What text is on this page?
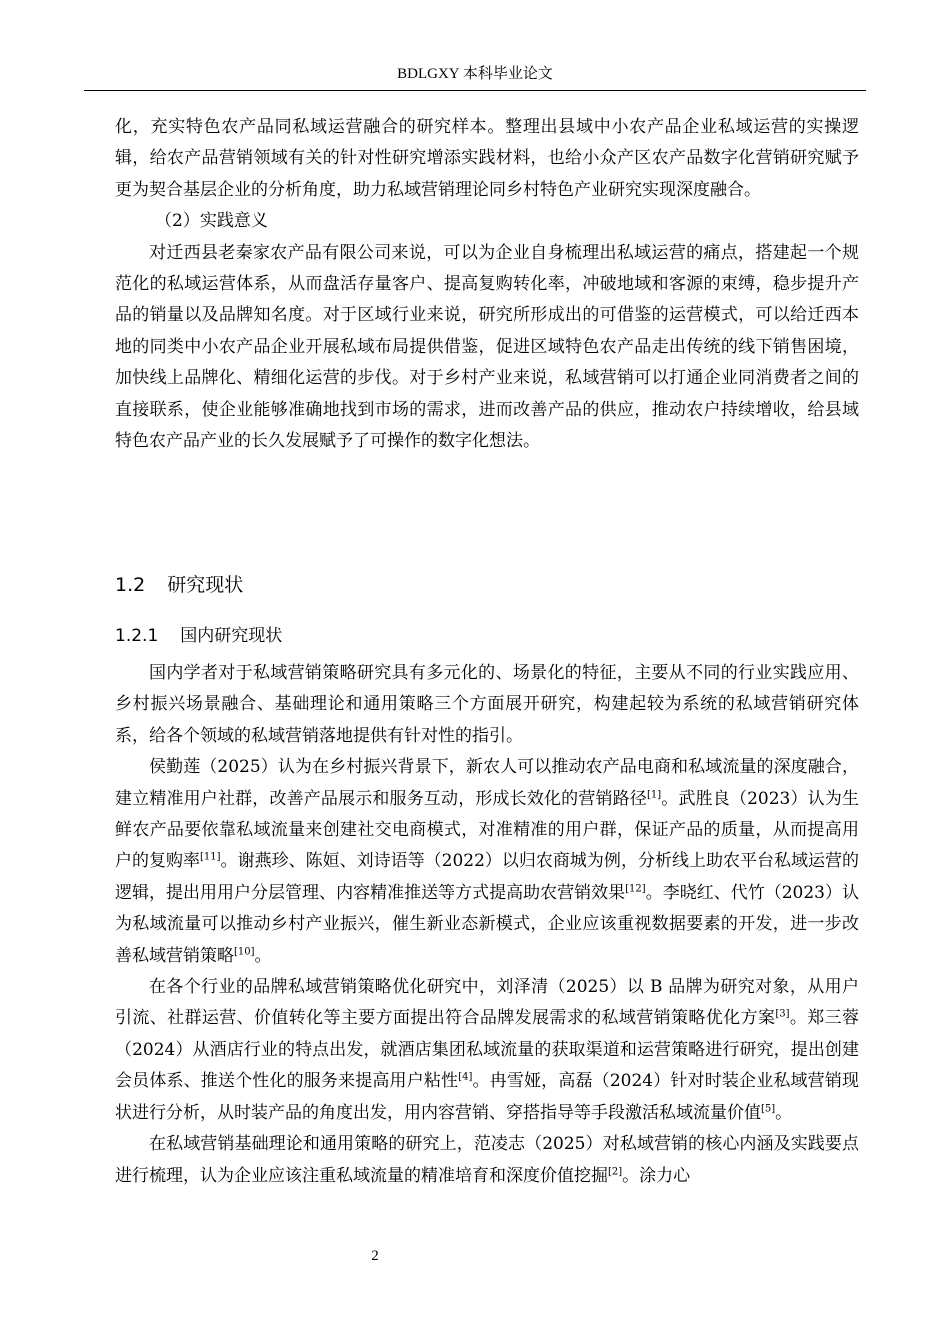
BDLGXY 本科毕业论文

化，充实特色农产品同私域运营融合的研究样本。整理出县域中小农产品企业私域运营的实操逻辑，给农产品营销领域有关的针对性研究增添实践材料，也给小众产区农产品数字化营销研究赋予更为契合基层企业的分析角度，助力私域营销理论同乡村特色产业研究实现深度融合。

（2）实践意义

对迁西县老秦家农产品有限公司来说，可以为企业自身梳理出私域运营的痛点，搭建起一个规范化的私域运营体系，从而盘活存量客户、提高复购转化率，冲破地域和客源的束缚，稳步提升产品的销量以及品牌知名度。对于区域行业来说，研究所形成出的可借鉴的运营模式，可以给迁西本地的同类中小农产品企业开展私域布局提供借鉴，促进区域特色农产品走出传统的线下销售困境，加快线上品牌化、精细化运营的步伐。对于乡村产业来说，私域营销可以打通企业同消费者之间的直接联系，使企业能够准确地找到市场的需求，进而改善产品的供应，推动农户持续增收，给县域特色农产品产业的长久发展赋予了可操作的数字化想法。

1.2 研究现状
1.2.1 国内研究现状

国内学者对于私域营销策略研究具有多元化的、场景化的特征，主要从不同的行业实践应用、乡村振兴场景融合、基础理论和通用策略三个方面展开研究，构建起较为系统的私域营销研究体系，给各个领域的私域营销落地提供有针对性的指引。

侯勤莲（2025）认为在乡村振兴背景下，新农人可以推动农产品电商和私域流量的深度融合，建立精准用户社群，改善产品展示和服务互动，形成长效化的营销路径[1]。武胜良（2023）认为生鲜农产品要依靠私域流量来创建社交电商模式，对准精准的用户群，保证产品的质量，从而提高用户的复购率[11]。谢燕珍、陈姮、刘诗语等（2022）以归农商城为例，分析线上助农平台私域运营的逻辑，提出用用户分层管理、内容精准推送等方式提高助农营销效果[12]。李晓红、代竹（2023）认为私域流量可以推动乡村产业振兴，催生新业态新模式，企业应该重视数据要素的开发，进一步改善私域营销策略[10]。

在各个行业的品牌私域营销策略优化研究中，刘泽清（2025）以 B 品牌为研究对象，从用户引流、社群运营、价值转化等主要方面提出符合品牌发展需求的私域营销策略优化方案[3]。郑三蓉（2024）从酒店行业的特点出发，就酒店集团私域流量的获取渠道和运营策略进行研究，提出创建会员体系、推送个性化的服务来提高用户粘性[4]。冉雪娅，高磊（2024）针对时装企业私域营销现状进行分析，从时装产品的角度出发，用内容营销、穿搭指导等手段激活私域流量价值[5]。

在私域营销基础理论和通用策略的研究上，范凌志（2025）对私域营销的核心内涵及实践要点进行梳理，认为企业应该注重私域流量的精准培育和深度价值挖掘[2]。涂力心

2
